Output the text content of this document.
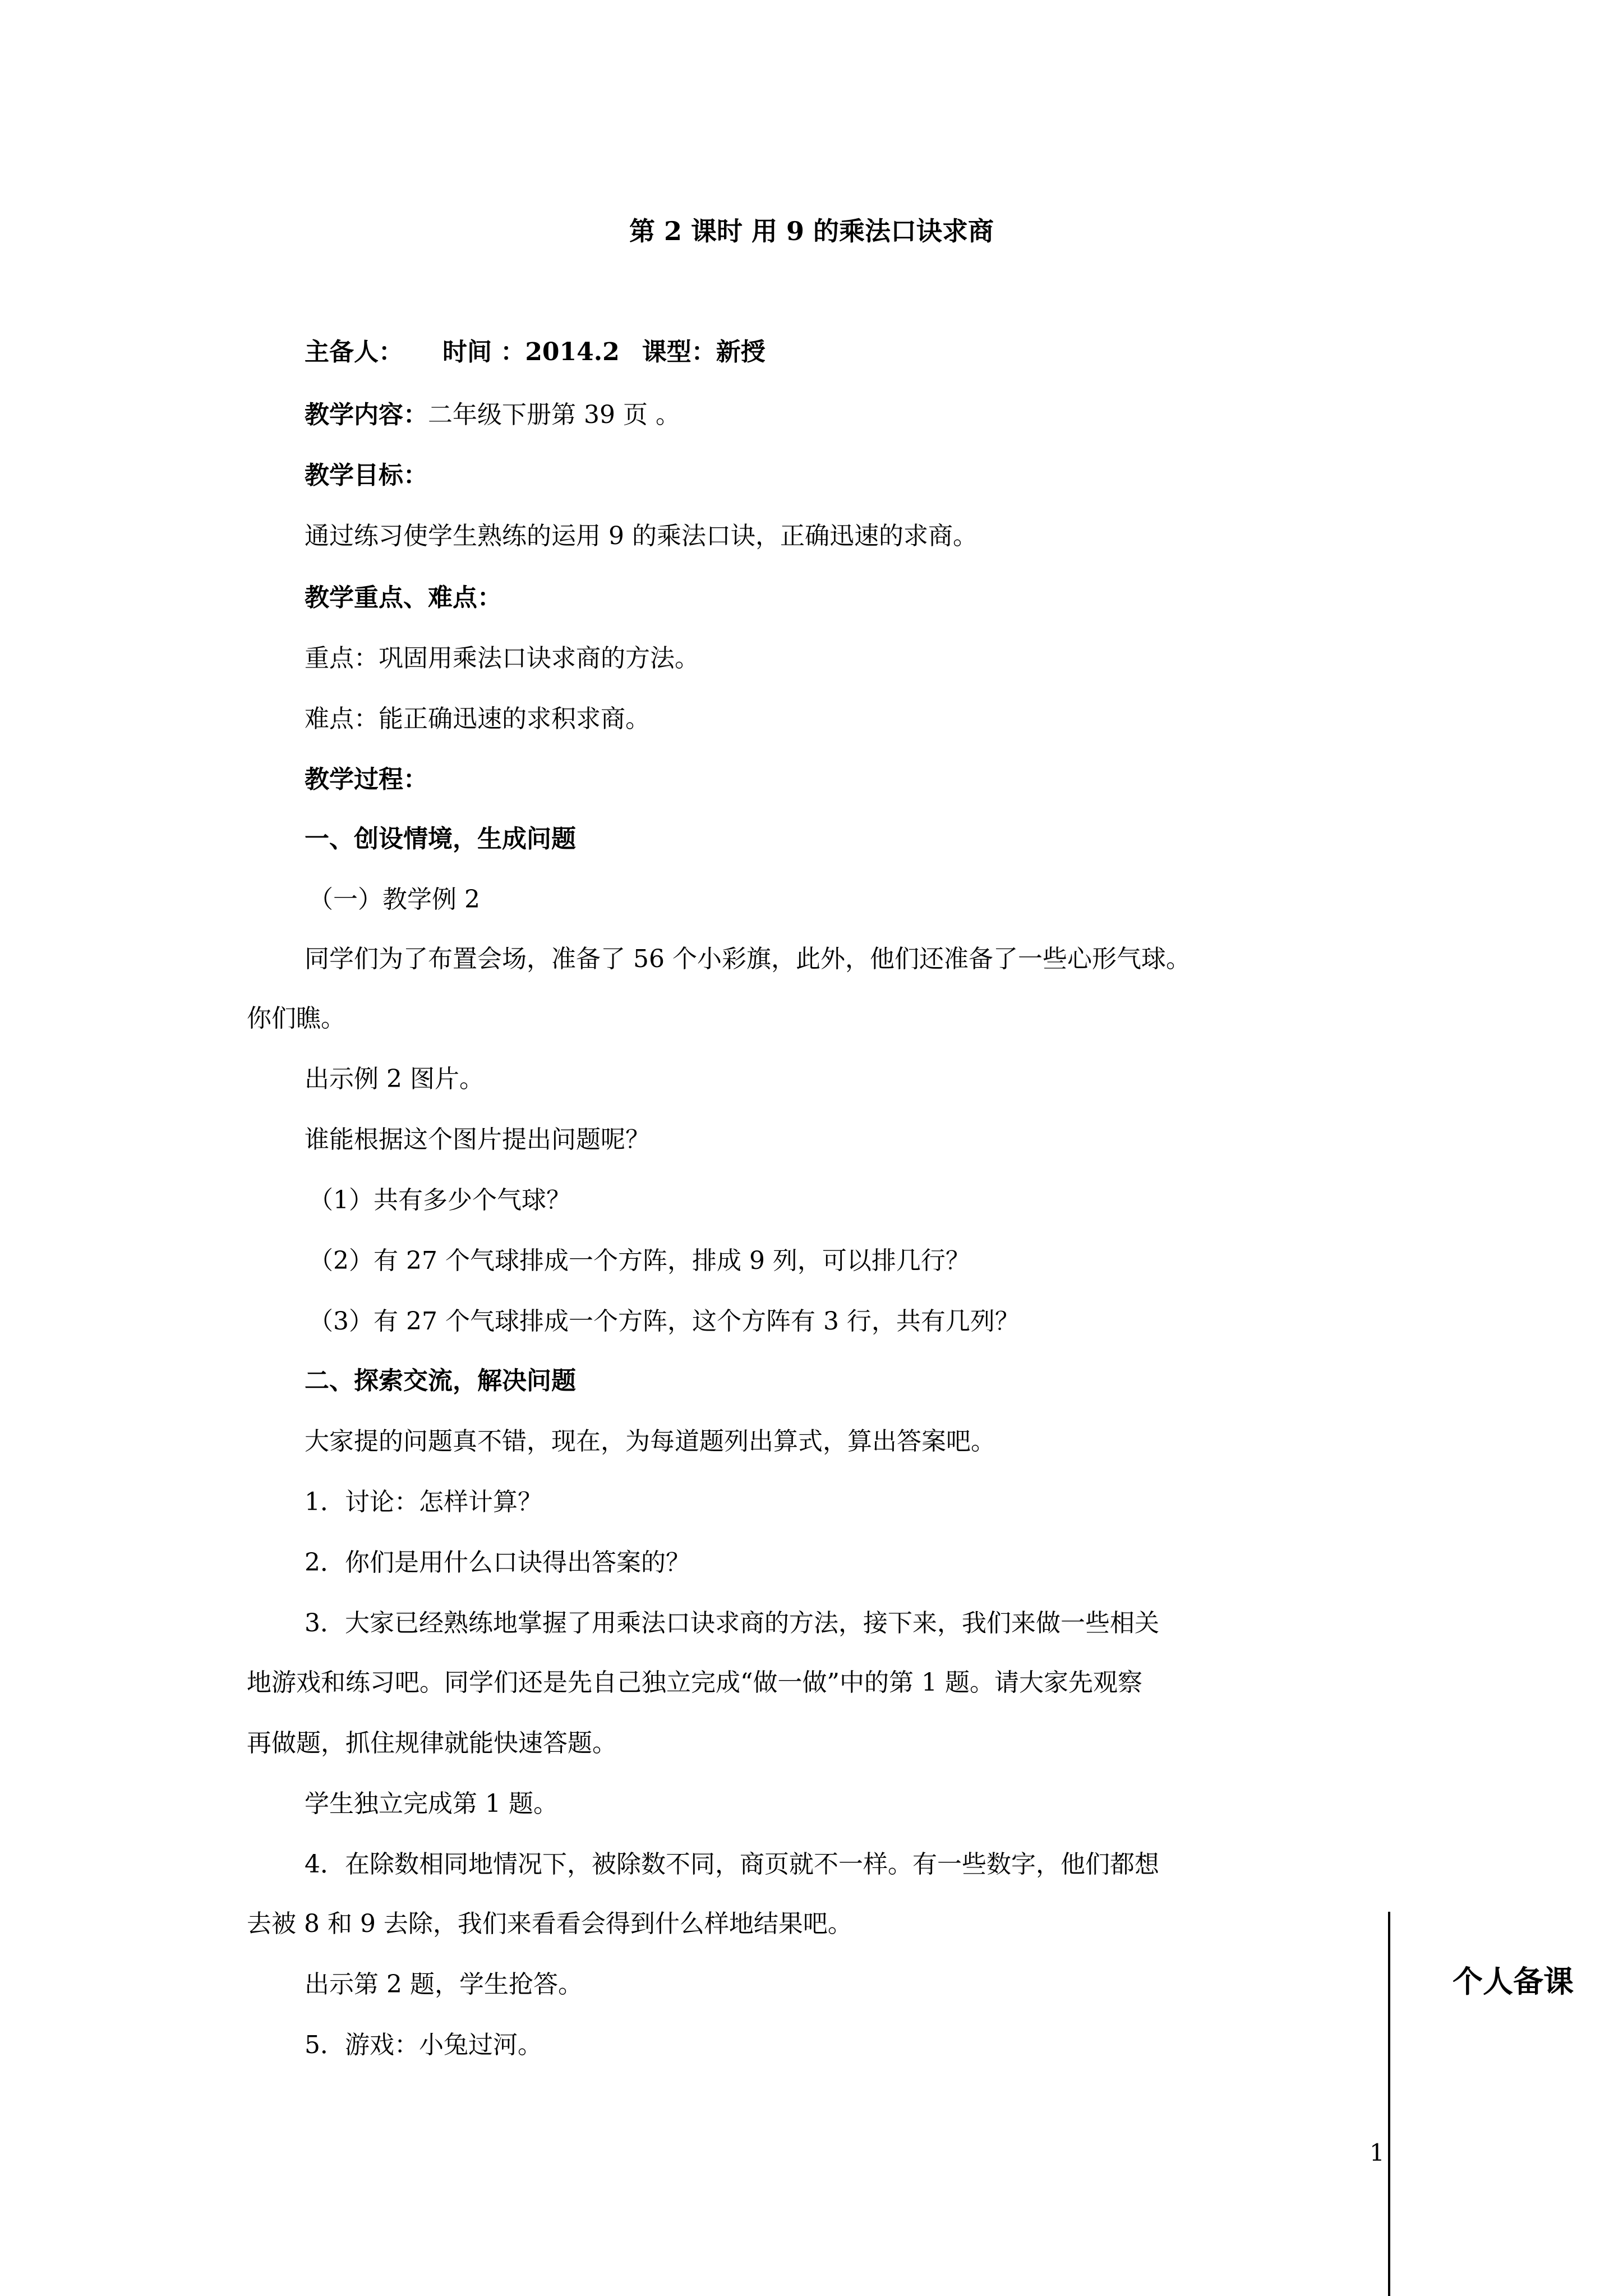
第 2 课时 用 9 的乘法口诀求商
主备人： 时间 ：2014.2 课型：新授
教学内容：二年级下册第 39 页 。
教学目标：
通过练习使学生熟练的运用 9 的乘法口诀，正确迅速的求商。
教学重点、难点：
重点：巩固用乘法口诀求商的方法。
难点：能正确迅速的求积求商。
教学过程：
一、创设情境，生成问题
（一）教学例 2
同学们为了布置会场，准备了 56 个小彩旗，此外，他们还准备了一些心形气球。
你们瞧。
出示例 2 图片。
谁能根据这个图片提出问题呢？
（1）共有多少个气球？
（2）有 27 个气球排成一个方阵，排成 9 列，可以排几行？
（3）有 27 个气球排成一个方阵，这个方阵有 3 行，共有几列？
二、探索交流，解决问题
大家提的问题真不错，现在，为每道题列出算式，算出答案吧。
1．讨论：怎样计算？
2．你们是用什么口诀得出答案的？
3．大家已经熟练地掌握了用乘法口诀求商的方法，接下来，我们来做一些相关
地游戏和练习吧。同学们还是先自己独立完成“做一做”中的第 1 题。请大家先观察
再做题，抓住规律就能快速答题。
学生独立完成第 1 题。
4．在除数相同地情况下，被除数不同，商页就不一样。有一些数字，他们都想
去被 8 和 9 去除，我们来看看会得到什么样地结果吧。
出示第 2 题，学生抢答。
5．游戏：小兔过河。
个人备课
1
